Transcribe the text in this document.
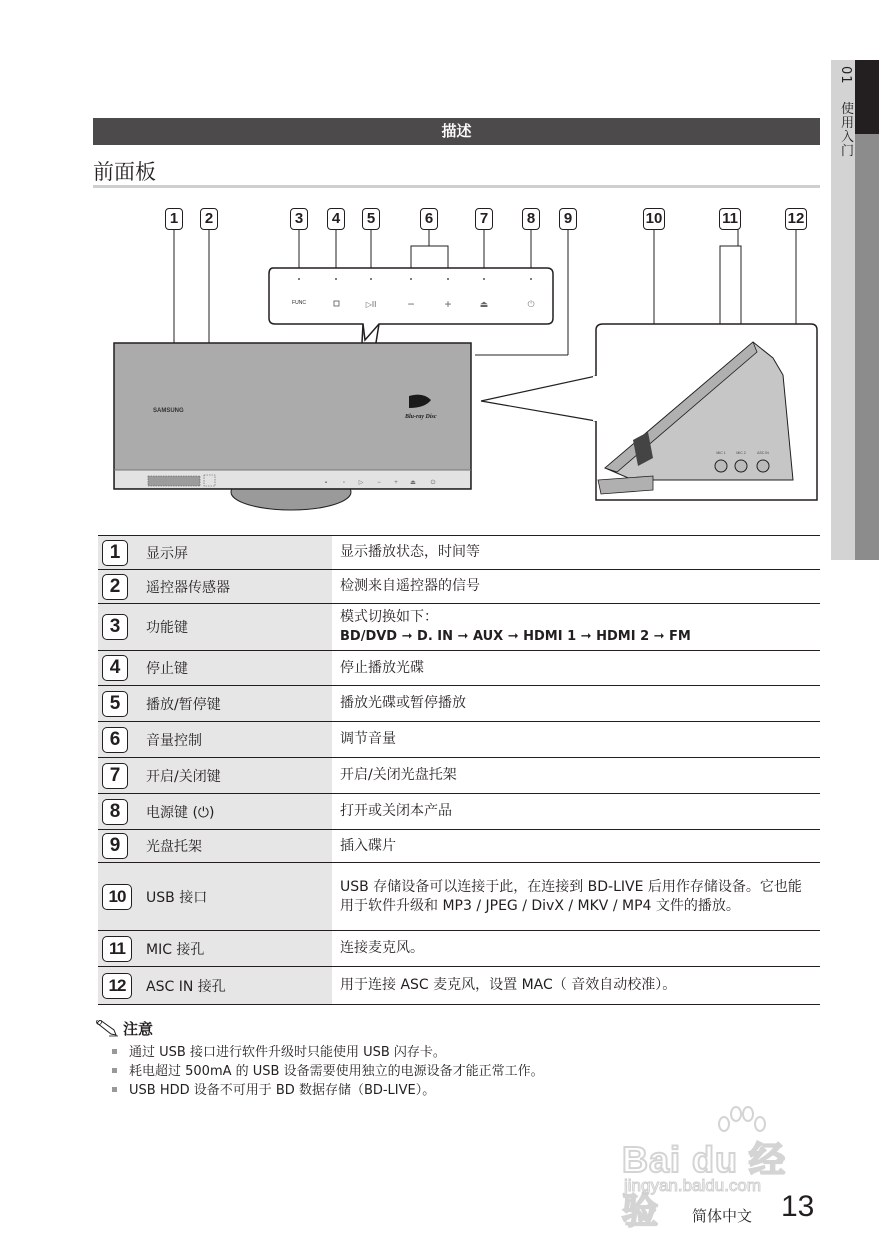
01 使用入门
描述
前面板
FUNC	▷II	− +	⏏	⏻
SAMSUNG
Blu-ray Disc
▪	▫ ▷ − + ⏏ ⏻
MIC 1	MIC 2	ASC IN
1	2	3	4	5	6	7	8	9	10	11	12
1	显示屏	显示播放状态，时间等
2	遥控器传感器	检测来自遥控器的信号
3	功能键	模式切换如下：
BD/DVD ➞ D. IN ➞ AUX ➞ HDMI 1 ➞ HDMI 2 ➞ FM

4	停止键	停止播放光碟
5	播放/暂停键	播放光碟或暂停播放
6	音量控制	调节音量
7	开启/关闭键	开启/关闭光盘托架
8	电源键 (⏻)	打开或关闭本产品
9	光盘托架	插入碟片
10	USB 接口	USB 存储设备可以连接于此，在连接到 BD-LIVE 后用作存储设备。它也能用于软件升级和 MP3 / JPEG / DivX / MKV / MP4 文件的播放。
11	MIC 接孔	连接麦克风。
12	ASC IN 接孔	用于连接 ASC 麦克风，设置 MAC（ 音效自动校准）。
注意
通过 USB 接口进行软件升级时只能使用 USB 闪存卡。
耗电超过 500mA 的 USB 设备需要使用独立的电源设备才能正常工作。
USB HDD 设备不可用于 BD 数据存储（BD-LIVE）。
Bai du 经验
jingyan.baidu.com
简体中文 13
